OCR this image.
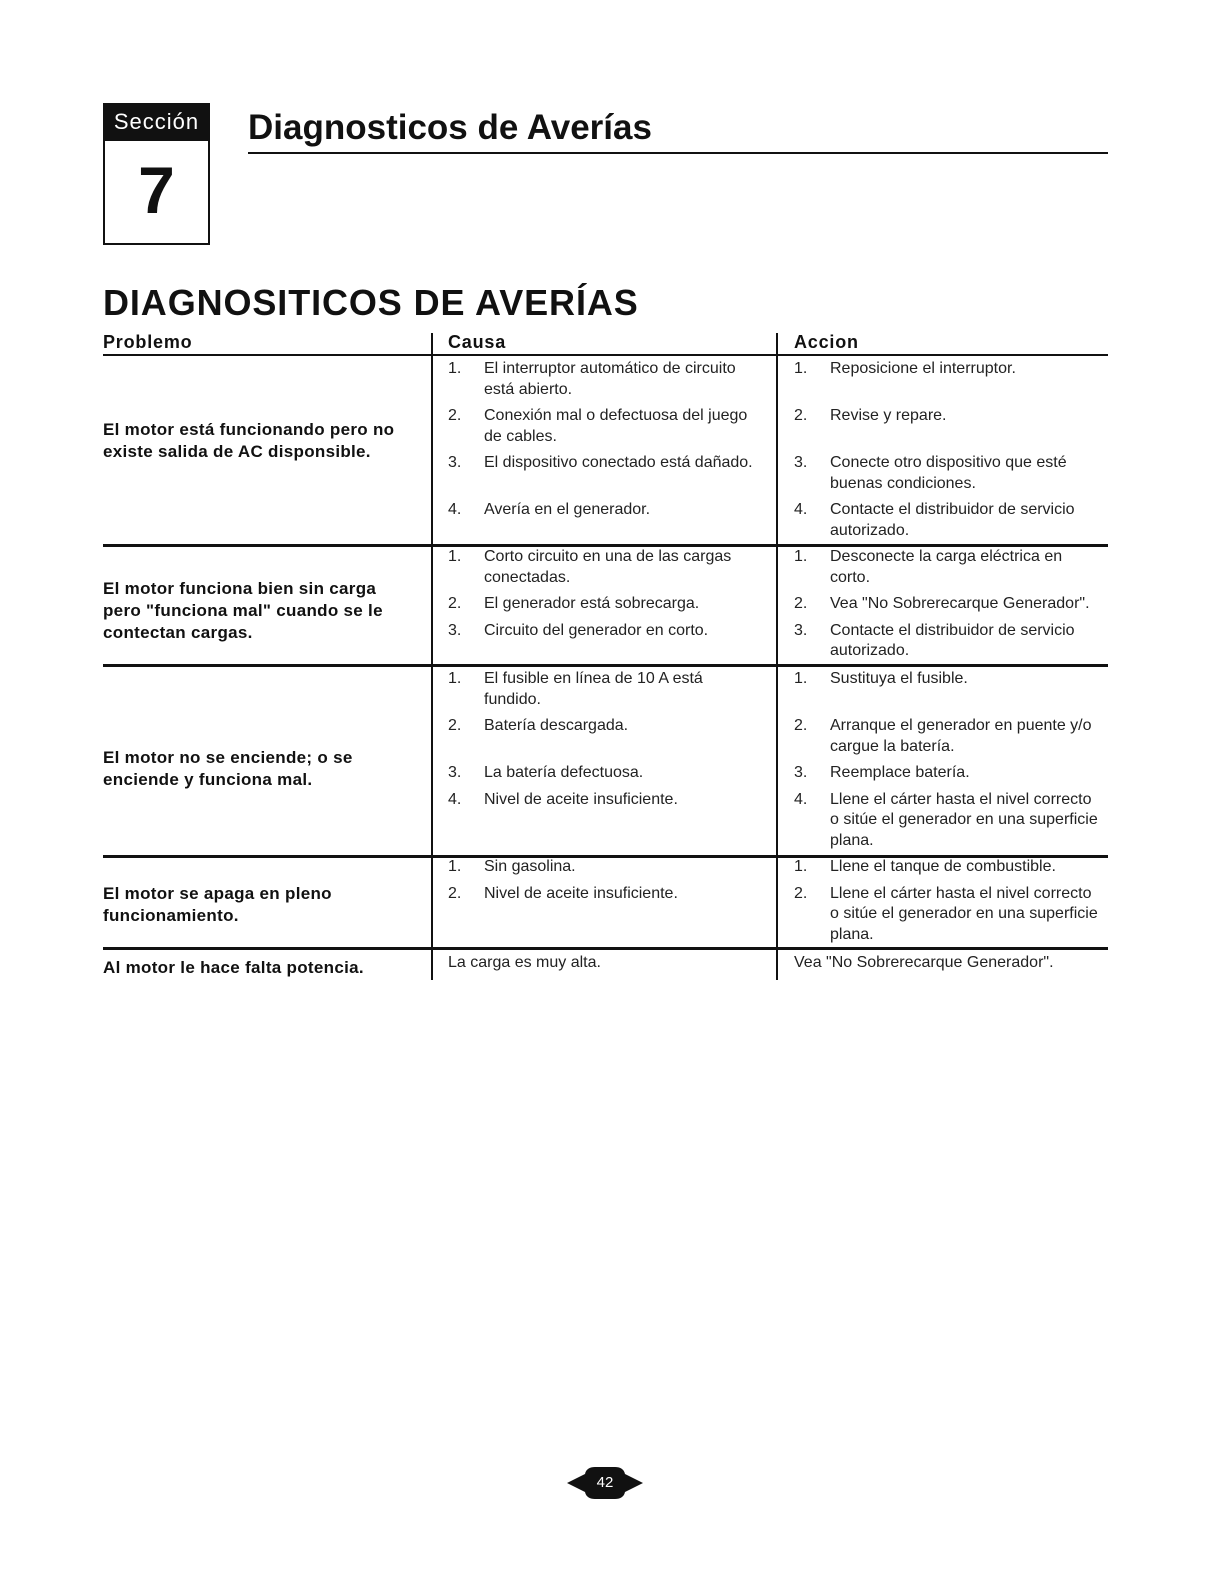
Sección
7
Diagnosticos de Averías
DIAGNOSITICOS DE AVERÍAS
Problemo	Causa	Accion
El motor está funcionando pero no
existe salida de AC disponsible.
1.	El interruptor automático de circuito
está abierto.
1.	Reposicione el interruptor.
2.	Conexión mal o defectuosa del juego
de cables.
2.	Revise y repare.
3.	El dispositivo conectado está dañado.	3.	Conecte otro dispositivo que esté
buenas condiciones.
4.	Avería en el generador.	4.	Contacte el distribuidor de servicio
autorizado.
El motor funciona bien sin carga
pero "funciona mal" cuando se le
contectan cargas.
1.	Corto circuito en una de las cargas
conectadas.
1.	Desconecte la carga eléctrica en
corto.
2.	El generador está sobrecarga.	2.	Vea "No Sobrerecarque Generador".
3.	Circuito del generador en corto.	3.	Contacte el distribuidor de servicio
autorizado.
El motor no se enciende; o se
enciende y funciona mal.
1.	El fusible en línea de 10 A está
fundido.
1.	Sustituya el fusible.
2.	Batería descargada.	2.	Arranque el generador en puente y/o
cargue la batería.
3.	La batería defectuosa.	3.	Reemplace batería.
4.	Nivel de aceite insuficiente.	4.	Llene el cárter hasta el nivel correcto
o sitúe el generador en una superficie
plana.
El motor se apaga en pleno
funcionamiento.
1.	Sin gasolina.	1.	Llene el tanque de combustible.
2.	Nivel de aceite insuficiente.	2.	Llene el cárter hasta el nivel correcto
o sitúe el generador en una superficie
plana.
Al motor le hace falta potencia.	La carga es muy alta.	Vea "No Sobrerecarque Generador".
42
